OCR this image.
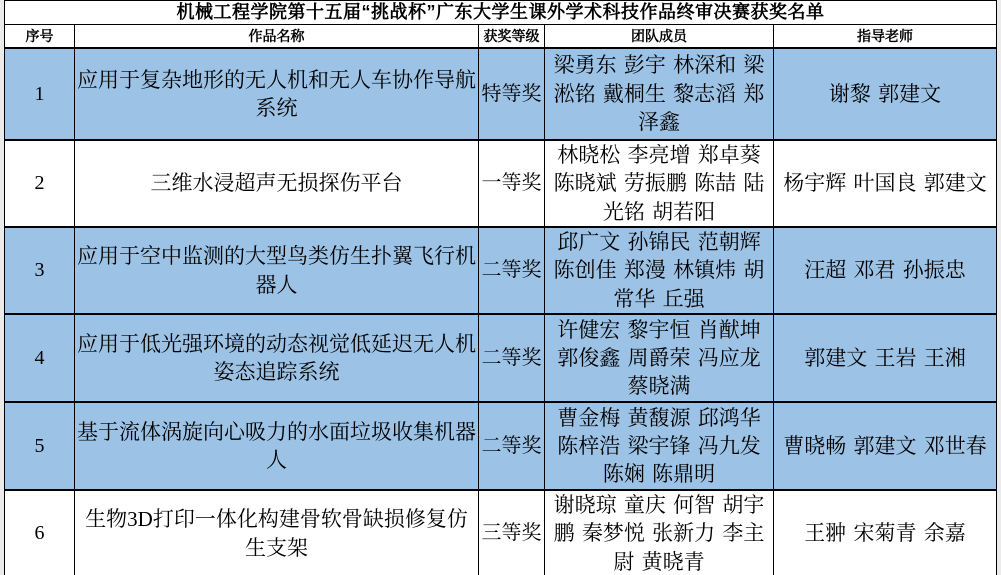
机械工程学院第十五届“挑战杯”广东大学生课外学术科技作品终审决赛获奖名单				
序号	作品名称	获奖等级	团队成员	指导老师
1	应用于复杂地形的无人机和无人车协作导航系统	特等奖	梁勇东 彭宇 林深和 梁淞铭 戴桐生 黎志滔 郑泽鑫	谢黎 郭建文
2	三维水浸超声无损探伤平台	一等奖	林晓松 李亮增 郑卓葵 陈晓斌 劳振鹏 陈喆 陆光铭 胡若阳	杨宇辉 叶国良 郭建文
3	应用于空中监测的大型鸟类仿生扑翼飞行机器人	二等奖	邱广文 孙锦民 范朝辉 陈创佳 郑漫 林镇炜 胡常华 丘强	汪超 邓君 孙振忠
4	应用于低光强环境的动态视觉低延迟无人机姿态追踪系统	二等奖	许健宏 黎宇恒 肖猷坤 郭俊鑫 周爵荣 冯应龙 蔡晓满	郭建文 王岩 王湘
5	基于流体涡旋向心吸力的水面垃圾收集机器人	二等奖	曹金梅 黄馥源 邱鸿华 陈梓浩 梁宇锋 冯九发 陈娴 陈鼎明	曹晓畅 郭建文 邓世春
6	生物3D打印一体化构建骨软骨缺损修复仿生支架	三等奖	谢晓琼 童庆 何智 胡宇鹏 秦梦悦 张新力 李主尉 黄晓青	王翀 宋菊青 余嘉
